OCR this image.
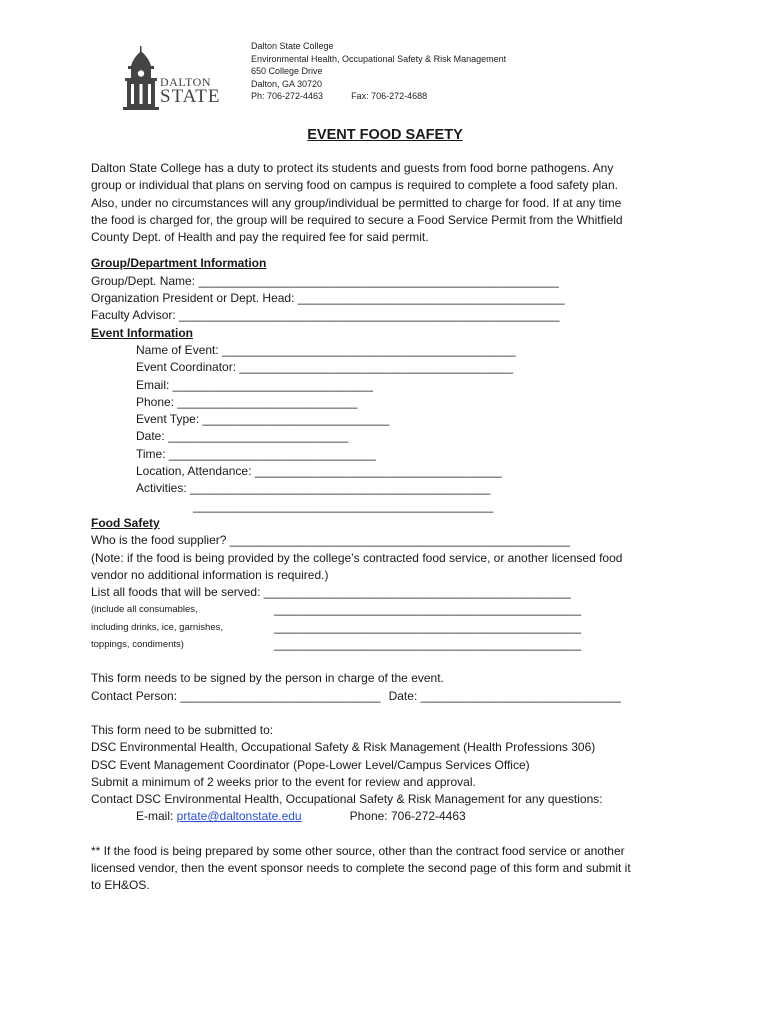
DALTON
STATE
Dalton State College
Environmental Health, Occupational Safety & Risk Management
650 College Drive
Dalton, GA 30720
Ph: 706-272-4463	Fax: 706-272-4688
EVENT FOOD SAFETY
Dalton State College has a duty to protect its students and guests from food borne pathogens. Any
group or individual that plans on serving food on campus is required to complete a food safety plan.
Also, under no circumstances will any group/individual be permitted to charge for food. If at any time
the food is charged for, the group will be required to secure a Food Service Permit from the Whitfield
County Dept. of Health and pay the required fee for said permit.
Group/Department Information
Group/Dept. Name: ______________________________________________________
Organization President or Dept. Head: ________________________________________
Faculty Advisor: _________________________________________________________
Event Information
Name of Event: ____________________________________________
Event Coordinator: _________________________________________
Email: ______________________________
Phone: ___________________________
Event Type: ____________________________
Date: ___________________________
Time: _______________________________
Location, Attendance: _____________________________________
Activities: _____________________________________________
_____________________________________________
Food Safety
Who is the food supplier? ___________________________________________________
(Note: if the food is being provided by the college’s contracted food service, or another licensed food
vendor no additional information is required.)
List all foods that will be served: ______________________________________________
(include all consumables,	______________________________________________
including drinks, ice, garnishes,	______________________________________________
toppings, condiments)	______________________________________________
This form needs to be signed by the person in charge of the event.
Contact Person: ______________________________ Date: ______________________________
This form need to be submitted to:
DSC Environmental Health, Occupational Safety & Risk Management (Health Professions 306)
DSC Event Management Coordinator (Pope-Lower Level/Campus Services Office)
Submit a minimum of 2 weeks prior to the event for review and approval.
Contact DSC Environmental Health, Occupational Safety & Risk Management for any questions:
E-mail: prtate@daltonstate.edu	Phone: 706-272-4463
** If the food is being prepared by some other source, other than the contract food service or another
licensed vendor, then the event sponsor needs to complete the second page of this form and submit it
to EH&OS.
